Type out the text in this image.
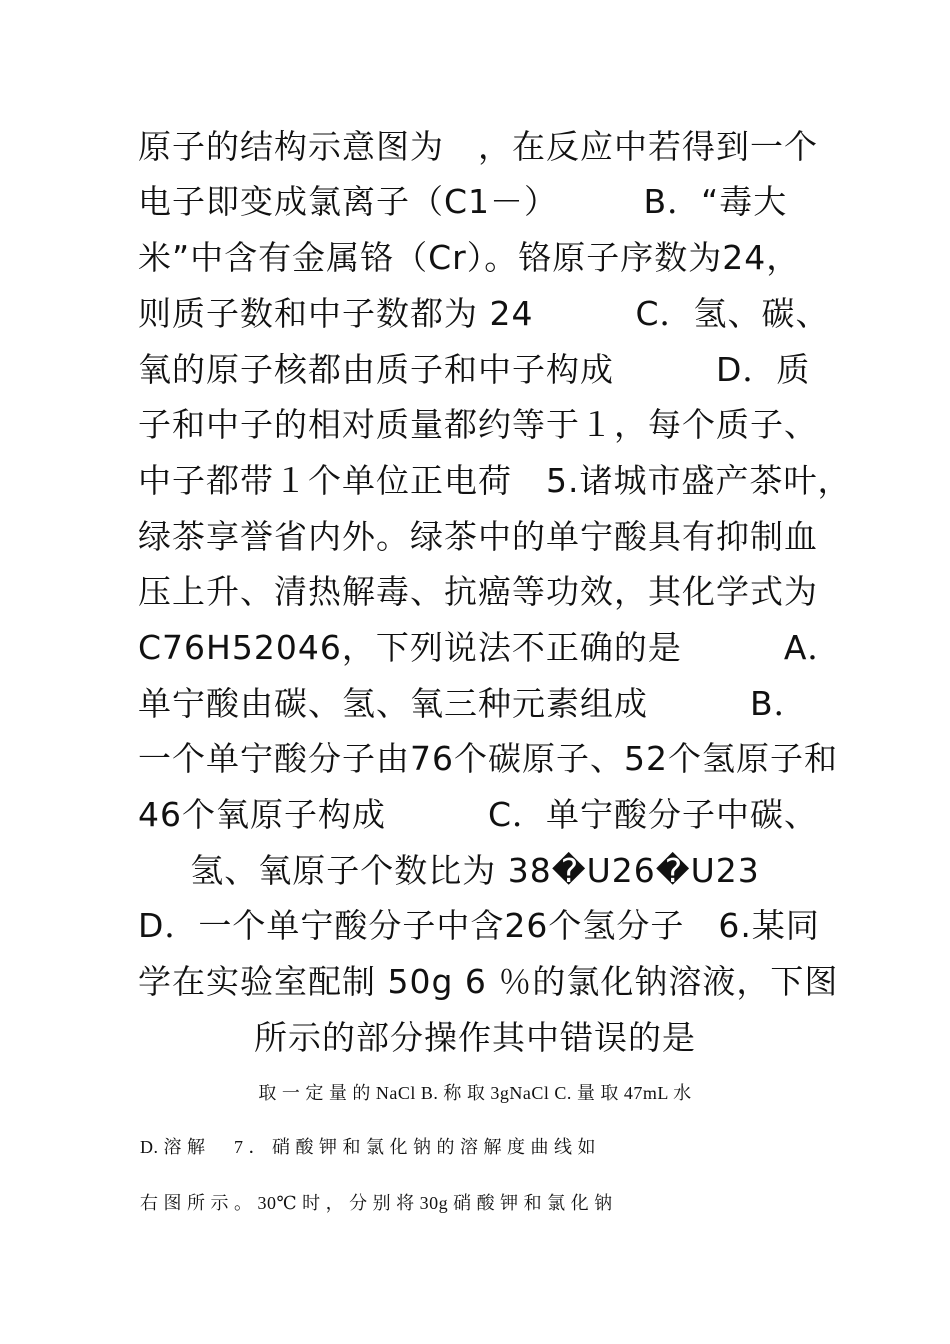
原子的结构示意图为　，在反应中若得到一个
电子即变成氯离子（C1－）　　　B．“毒大
米”中含有金属铬（Cr）。铬原子序数为24，
则质子数和中子数都为 24　　　C．氢、碳、
氧的原子核都由质子和中子构成　　　D．质
子和中子的相对质量都约等于１，每个质子、
中子都带１个单位正电荷　5.诸城市盛产茶叶，
绿茶享誉省内外。绿茶中的单宁酸具有抑制血
压上升、清热解毒、抗癌等功效，其化学式为
C76H52046，下列说法不正确的是　　　A．
单宁酸由碳、氢、氧三种元素组成　　　B．
一个单宁酸分子由76个碳原子、52个氢原子和
46个氧原子构成　　　C．单宁酸分子中碳、
氢、氧原子个数比为 38�U26�U23
D．一个单宁酸分子中含26个氢分子　6.某同
学在实验室配制 50g 6 ％的氯化钠溶液，下图
所示的部分操作其中错误的是
取 一 定 量 的 NaCl B. 称 取 3gNaCl C. 量 取 47mL 水
D. 溶 解 　 7 ． 硝 酸 钾 和 氯 化 钠 的 溶 解 度 曲 线 如
右 图 所 示 。 30℃ 时 ， 分 别 将 30g 硝 酸 钾 和 氯 化 钠
